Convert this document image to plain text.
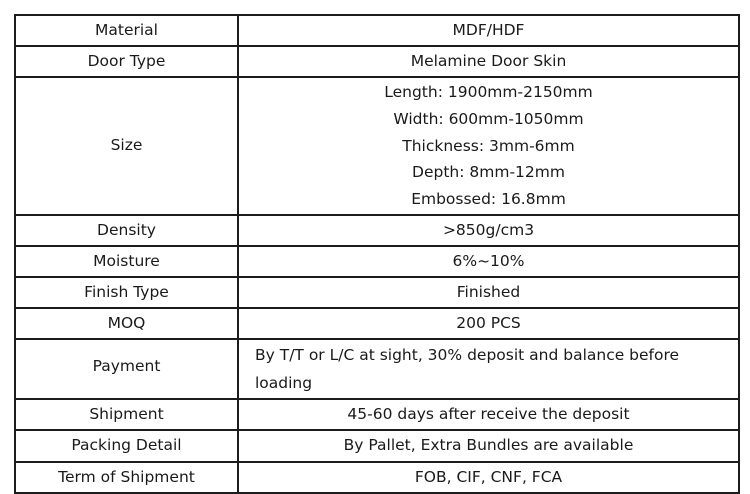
Material	MDF/HDF
Door Type	Melamine Door Skin
Size	Length: 1900mm-2150mm
Width: 600mm-1050mm
Thickness: 3mm-6mm
Depth: 8mm-12mm
Embossed: 16.8mm

Density	>850g/cm3
Moisture	6%~10%
Finish Type	Finished
MOQ	200 PCS
Payment	By T/T or L/C at sight, 30% deposit and balance before loading
Shipment	45-60 days after receive the deposit
Packing Detail	By Pallet, Extra Bundles are available
Term of Shipment	FOB, CIF, CNF, FCA
